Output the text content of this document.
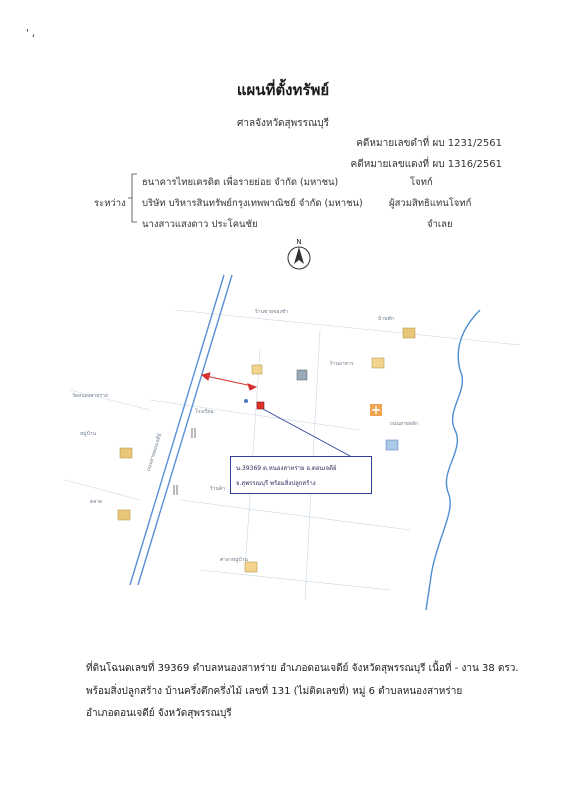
' ,
แผนที่ตั้งทรัพย์
ศาลจังหวัดสุพรรณบุรี
คดีหมายเลขดำที่ ผบ 1231/2561
คดีหมายเลขแดงที่ ผบ 1316/2561
ระหว่าง
ธนาคารไทยเครดิต เพื่อรายย่อย จำกัด (มหาชน)	โจทก์
บริษัท บริหารสินทรัพย์กรุงเทพพาณิชย์ จำกัด (มหาชน)	ผู้สวมสิทธิแทนโจทก์
นางสาวแสงดาว ประโคนชัย	จำเลย
N
ร้านขายของชำ
บ้านพัก
ร้านอาหาร
วัดหนองสาหร่าย
หมู่บ้าน
โรงเรียน
ร้านค้า
ตลาด
ศาลาหมู่บ้าน
ถนนสายหลัก
ถนนสายดอนเจดีย์	น.39369 ต.หนองสาหร่าย อ.ดอนเจดีย์
จ.สุพรรณบุรี พร้อมสิ่งปลูกสร้าง
ที่ดินโฉนดเลขที่ 39369 ตำบลหนองสาหร่าย อำเภอดอนเจดีย์ จังหวัดสุพรรณบุรี เนื้อที่ - งาน 38 ตรว.
พร้อมสิ่งปลูกสร้าง บ้านครึ่งตึกครึ่งไม้ เลขที่ 131 (ไม่ติดเลขที่) หมู่ 6 ตำบลหนองสาหร่าย
อำเภอดอนเจดีย์ จังหวัดสุพรรณบุรี
